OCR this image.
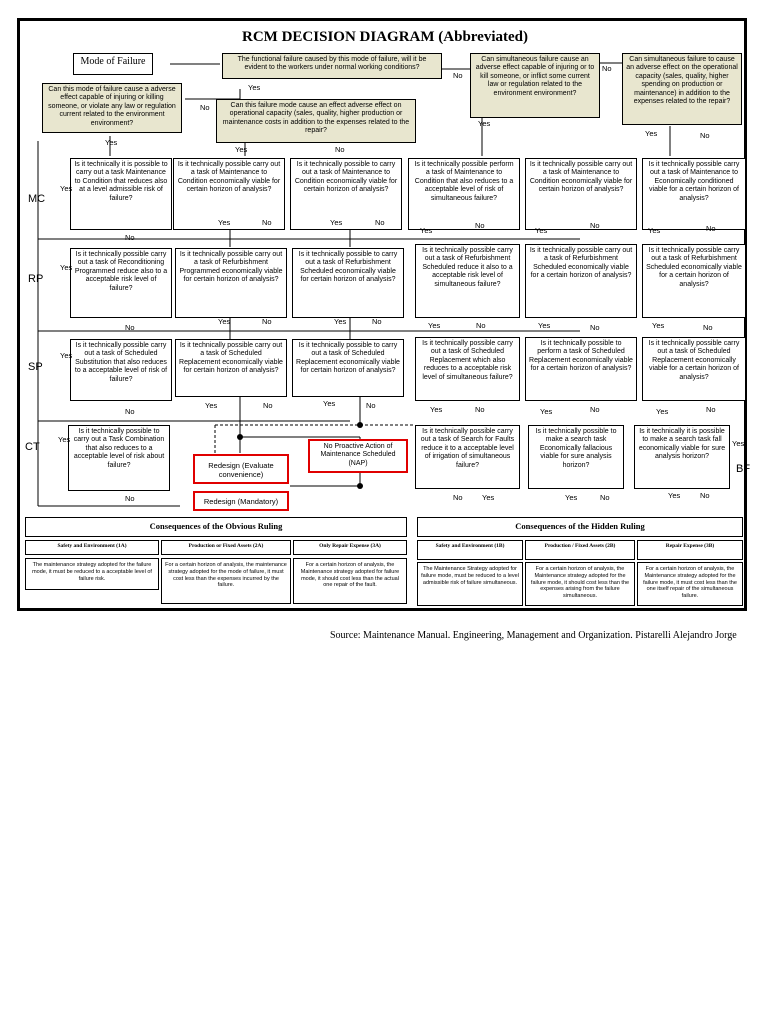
RCM DECISION DIAGRAM (Abbreviated)
Mode of Failure	The functional failure caused by this mode of failure, will it be evident to the workers under normal working conditions?
Can this mode of failure cause a adverse effect capable of injuring or killing someone, or violate any law or regulation current related to the environment environment?
Can this failure mode cause an effect adverse effect on operational capacity (sales, quality, higher production or maintenance costs in addition to the expenses related to the repair?
Can simultaneous failure cause an adverse effect capable of injuring or to kill someone, or inflict some current law or regulation related to the environment environment?
Can simultaneous failure to cause an adverse effect on the operational capacity (sales, quality, higher spending on production or maintenance) in addition to the expenses related to the repair?
MC
RP
SP
CT
BF
Is it technically it is possible to carry out a task Maintenance to Condition that reduces also at a level admissible risk of failure?
Is it technically possible carry out a task of Maintenance to Condition economically viable for certain horizon of analysis?
Is it technically possible to carry out a task of Maintenance to Condition economically viable for certain horizon of analysis?
Is it technically possible perform a task of Maintenance to Condition that also reduces to a acceptable level of risk of simultaneous failure?
Is it technically possible carry out a task of Maintenance to Condition economically viable for certain horizon of analysis?
Is it technically possible carry out a task of Maintenance to Economically conditioned viable for a certain horizon of analysis?
Is it technically possible carry out a task of Reconditioning Programmed reduce also to a acceptable risk level of failure?
Is it technically possible carry out a task of Refurbishment Programmed economically viable for certain horizon of analysis?
Is it technically possible to carry out a task of Refurbishment Scheduled economically viable for certain horizon of analysis?
Is it technically possible carry out a task of Refurbishment Scheduled reduce it also to a acceptable risk level of simultaneous failure?
Is it technically possible carry out a task of Refurbishment Scheduled economically viable for a certain horizon of analysis?
Is it technically possible carry out a task of Refurbishment Scheduled economically viable for a certain horizon of analysis?
Is it technically possible carry out a task of Scheduled Substitution that also reduces to a acceptable level of risk of failure?
Is it technically possible carry out a task of Scheduled Replacement economically viable for certain horizon of analysis?
Is it technically possible to carry out a task of Scheduled Replacement economically viable for certain horizon of analysis?
Is it technically possible carry out a task of Scheduled Replacement which also reduces to a acceptable risk level of simultaneous failure?
Is it technically possible to perform a task of Scheduled Replacement economically viable for a certain horizon of analysis?
Is it technically possible carry out a task of Scheduled Replacement economically viable for a certain horizon of analysis?
Is it technically possible to carry out a Task Combination that also reduces to a acceptable level of risk about failure?
Is it technically possible carry out a task of Search for Faults reduce it to a acceptable level of irrigation of simultaneous failure?
Is it technically possible to make a search task Economically fallacious viable for sure analysis horizon?
Is it technically it is possible to make a search task fall economically viable for sure analysis horizon?
No Proactive Action of Maintenance Scheduled (NAP)
Redesign (Evaluate convenience)
Redesign (Mandatory)
Yes
No
No
No
Yes
Yes	No
Yes
Yes	No
Yes
No
Yes	No	Yes	No
Yes
No
Yes
No
Yes	No
Yes
No
Yes	No	Yes	No	Yes	No	Yes	No	Yes	No
Yes
No
Yes	No	Yes	No	Yes	No	Yes	No	Yes	No
Yes
No	No	Yes	No
Yes	Yes	No
Yes
Consequences of the Obvious Ruling
Safety and Environment (1A)	Production or Fixed Assets (2A)	Only Repair Expense (3A)
The maintenance strategy adopted for the failure mode, it must be reduced to a acceptable level of failure risk.
For a certain horizon of analysis, the maintenance strategy adopted for the mode of failure, it must cost less than the expenses incurred by the failure.
For a certain horizon of analysis, the Maintenance strategy adopted for failure mode, it should cost less than the actual one repair of the fault.
Consequences of the Hidden Ruling
Safety and Environment (1B)	Production / Fixed Assets (2B)	Repair Expense (3B)
The Maintenance Strategy adopted for failure mode, must be reduced to a level admissible risk of failure simultaneous.
For a certain horizon of analysis, the Maintenance strategy adopted for the failure mode, it should cost less than the expenses arising from the failure simultaneous.
For a certain horizon of analysis, the Maintenance strategy adopted for the failure mode, it must cost less than the one itself repair of the simultaneous failure.
Source: Maintenance Manual. Engineering, Management and Organization. Pistarelli Alejandro Jorge
